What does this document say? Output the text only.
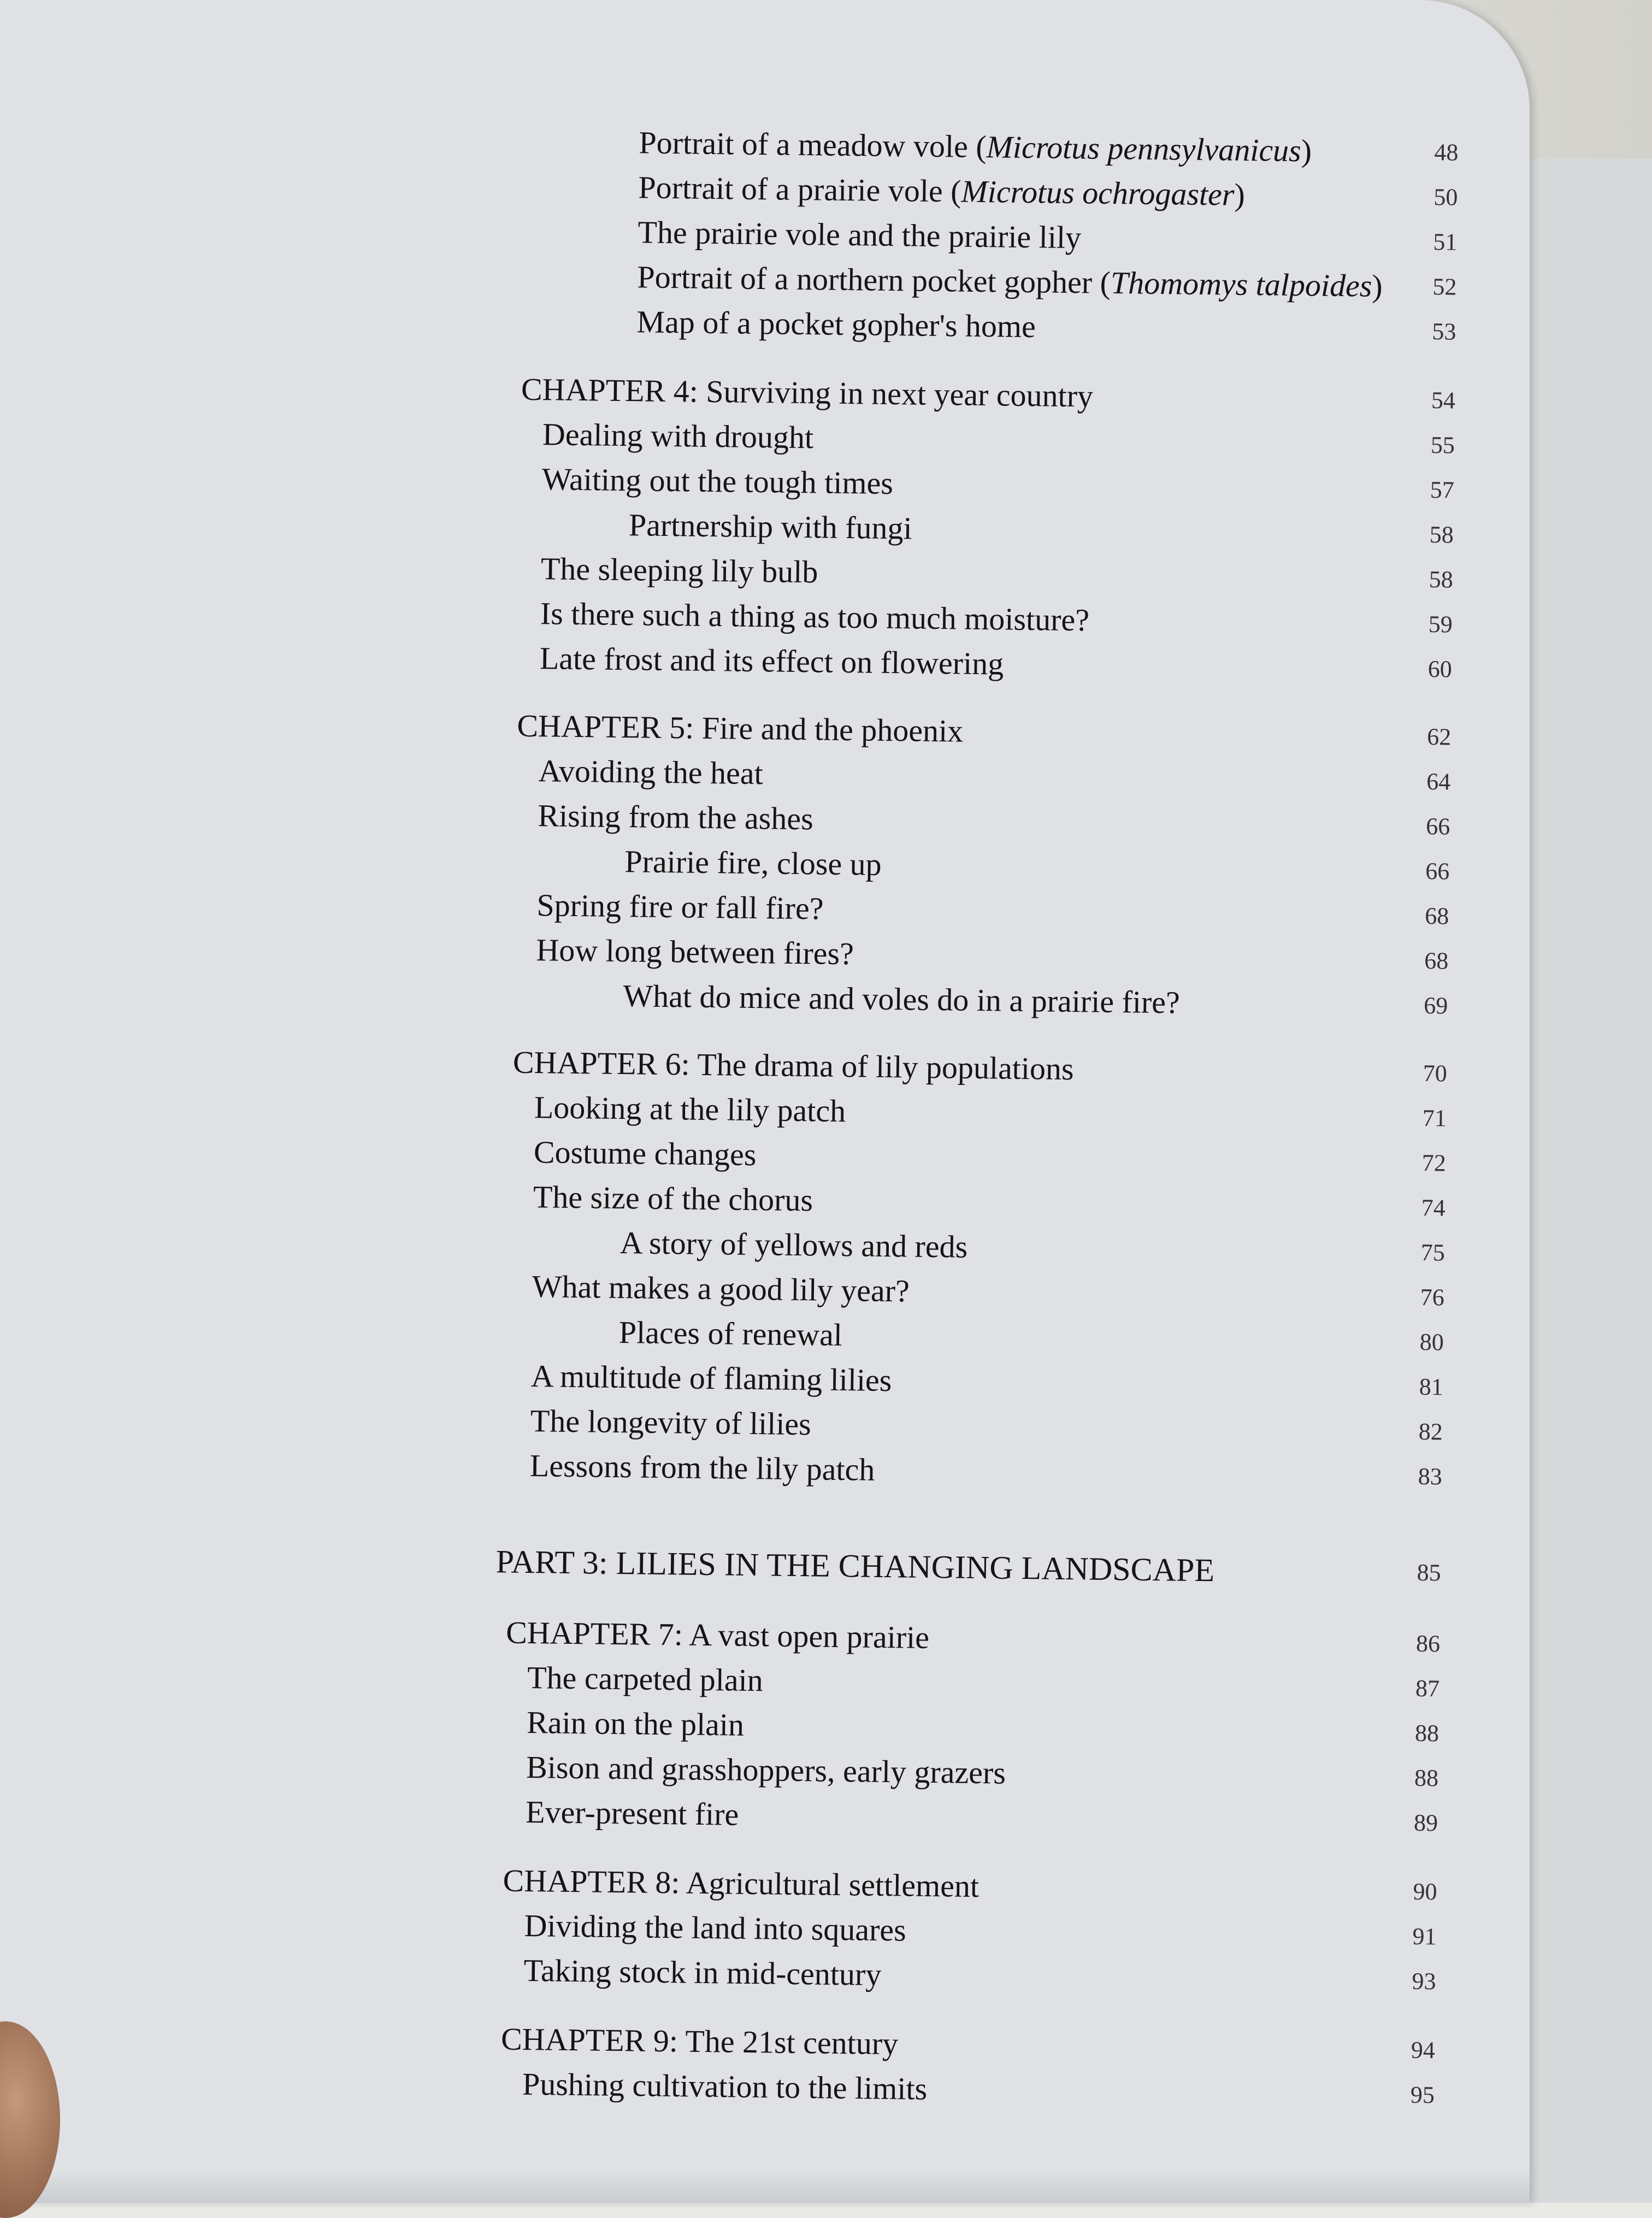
Portrait of a meadow vole (Microtus pennsylvanicus)	48
Portrait of a prairie vole (Microtus ochrogaster)	50
The prairie vole and the prairie lily	51
Portrait of a northern pocket gopher (Thomomys talpoides) 52
Map of a pocket gopher's home	53
CHAPTER 4: Surviving in next year country	54
Dealing with drought	55
Waiting out the tough times	57
Partnership with fungi	58
The sleeping lily bulb	58
Is there such a thing as too much moisture?	59
Late frost and its effect on flowering	60
CHAPTER 5: Fire and the phoenix	62
Avoiding the heat	64
Rising from the ashes	66
Prairie fire, close up	66
Spring fire or fall fire?	68
How long between fires?	68
What do mice and voles do in a prairie fire?	69
CHAPTER 6: The drama of lily populations	70
Looking at the lily patch	71
Costume changes	72
The size of the chorus	74
A story of yellows and reds	75
What makes a good lily year?	76
Places of renewal	80
A multitude of flaming lilies	81
The longevity of lilies	82
Lessons from the lily patch	83
PART 3: LILIES IN THE CHANGING LANDSCAPE	85
CHAPTER 7: A vast open prairie	86
The carpeted plain	87
Rain on the plain	88
Bison and grasshoppers, early grazers	88
Ever-present fire	89
CHAPTER 8: Agricultural settlement	90
Dividing the land into squares	91
Taking stock in mid-century	93
CHAPTER 9: The 21st century	94
Pushing cultivation to the limits	95
